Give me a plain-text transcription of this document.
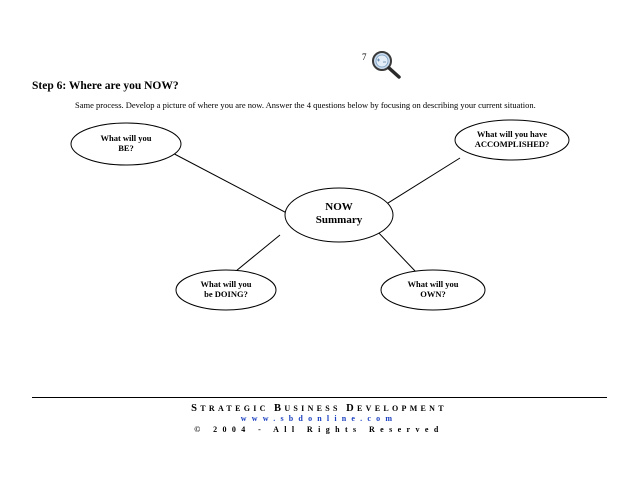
7
Step 6: Where are you NOW?
Same process. Develop a picture of where you are now. Answer the 4 questions below by focusing on describing your current situation.
What will you
BE?
What will you have
ACCOMPLISHED?
NOW
Summary
What will you
be DOING?
What will you
OWN?
STRATEGIC BUSINESS DEVELOPMENT
www.sbdonline.com
© 2004 - All Rights Reserved
